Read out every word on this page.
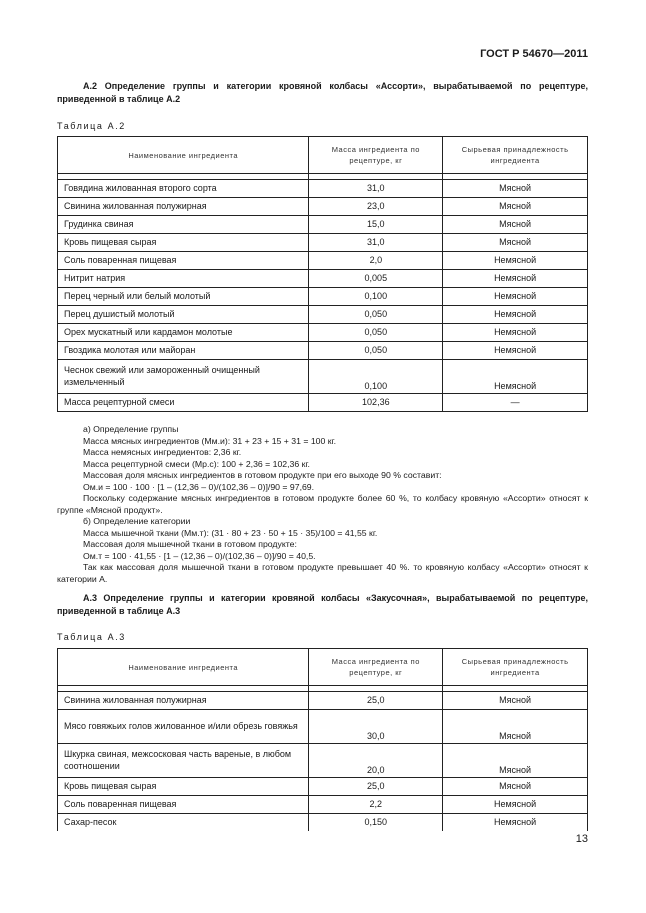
ГОСТ Р 54670—2011
А.2 Определение группы и категории кровяной колбасы «Ассорти», вырабатываемой по рецептуре, приведенной в таблице А.2
Таблица А.2
Наименование ингредиента	Масса ингредиента по рецептуре, кг	Сырьевая принадлежность ингредиента

Говядина жилованная второго сорта	31,0	Мясной
Свинина жилованная полужирная	23,0	Мясной
Грудинка свиная	15,0	Мясной
Кровь пищевая сырая	31,0	Мясной
Соль поваренная пищевая	2,0	Немясной
Нитрит натрия	0,005	Немясной
Перец черный или белый молотый	0,100	Немясной
Перец душистый молотый	0,050	Немясной
Орех мускатный или кардамон молотые	0,050	Немясной
Гвоздика молотая или майоран	0,050	Немясной
Чеснок свежий или замороженный очищенный измельченный	0,100	Немясной
Масса рецептурной смеси	102,36	—
а) Определение группы
Масса мясных ингредиентов (Mм.и): 31 + 23 + 15 + 31 = 100 кг.
Масса немясных ингредиентов: 2,36 кг.
Масса рецептурной смеси (Mр.с): 100 + 2,36 = 102,36 кг.
Массовая доля мясных ингредиентов в готовом продукте при его выходе 90 % составит:
Oм.и = 100 · 100 · [1 – (12,36 – 0)/(102,36 – 0)]/90 = 97,69.
Поскольку содержание мясных ингредиентов в готовом продукте более 60 %, то колбасу кровяную «Ассорти» относят к группе «Мясной продукт».
б) Определение категории
Масса мышечной ткани (Mм.т): (31 · 80 + 23 · 50 + 15 · 35)/100 = 41,55 кг.
Массовая доля мышечной ткани в готовом продукте:
Oм.т = 100 · 41,55 · [1 – (12,36 – 0)/(102,36 – 0)]/90 = 40,5.
Так как массовая доля мышечной ткани в готовом продукте превышает 40 %. то кровяную колбасу «Ассорти» относят к категории А.
А.3 Определение группы и категории кровяной колбасы «Закусочная», вырабатываемой по рецептуре, приведенной в таблице А.3
Таблица А.3
Наименование ингредиента	Масса ингредиента по рецептуре, кг	Сырьевая принадлежность ингредиента

Свинина жилованная полужирная	25,0	Мясной
Мясо говяжьих голов жилованное и/или обрезь говяжья	30,0	Мясной
Шкурка свиная, межсосковая часть вареные, в любом соотношении	20,0	Мясной
Кровь пищевая сырая	25,0	Мясной
Соль поваренная пищевая	2,2	Немясной
Сахар-песок	0,150	Немясной
13
